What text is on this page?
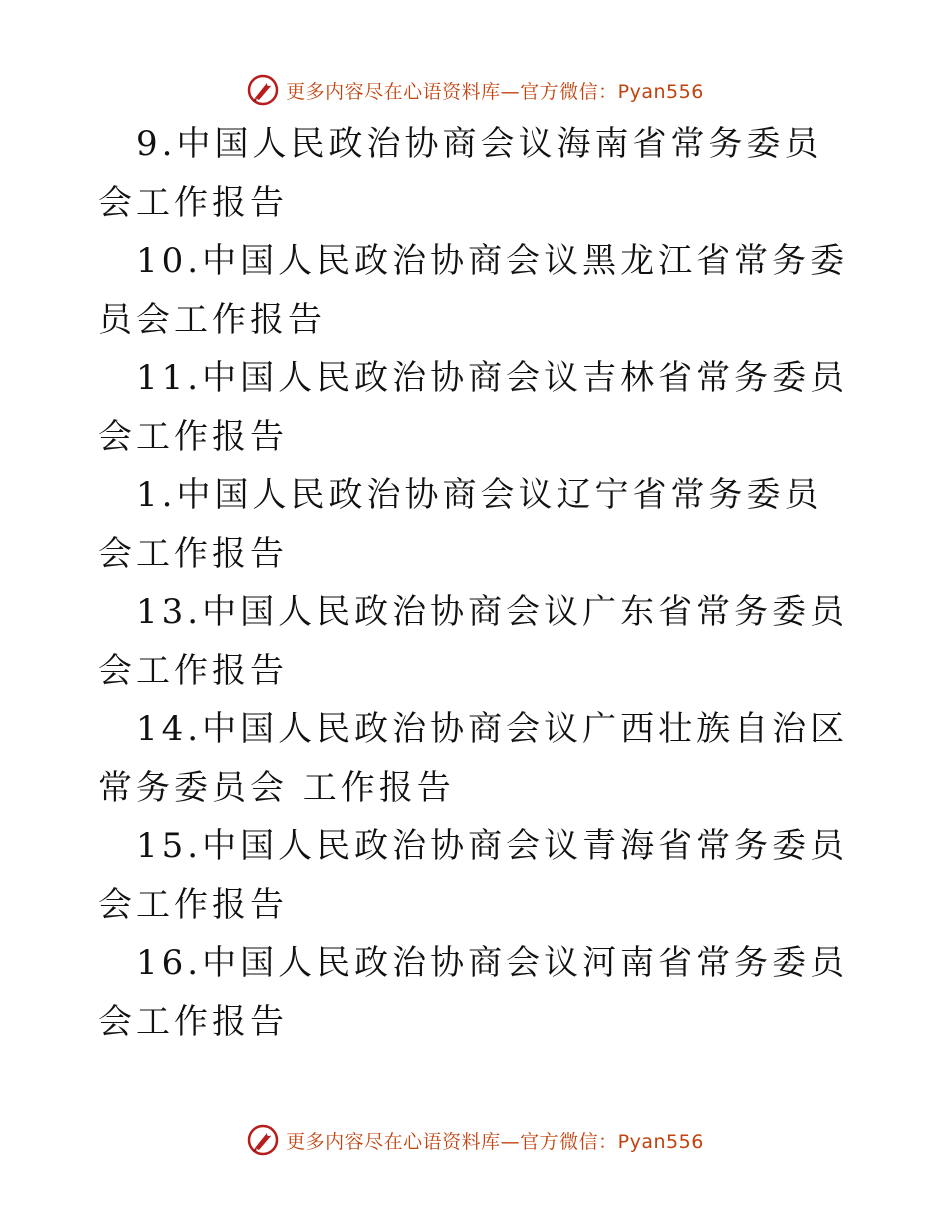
更多内容尽在心语资料库—官方微信：Pyan556

9.中国人民政治协商会议海南省常务委员会工作报告

10.中国人民政治协商会议黑龙江省常务委员会工作报告

11.中国人民政治协商会议吉林省常务委员会工作报告

1.中国人民政治协商会议辽宁省常务委员会工作报告

13.中国人民政治协商会议广东省常务委员会工作报告

14.中国人民政治协商会议广西壮族自治区常务委员会 工作报告

15.中国人民政治协商会议青海省常务委员会工作报告

16.中国人民政治协商会议河南省常务委员会工作报告

更多内容尽在心语资料库—官方微信：Pyan556
